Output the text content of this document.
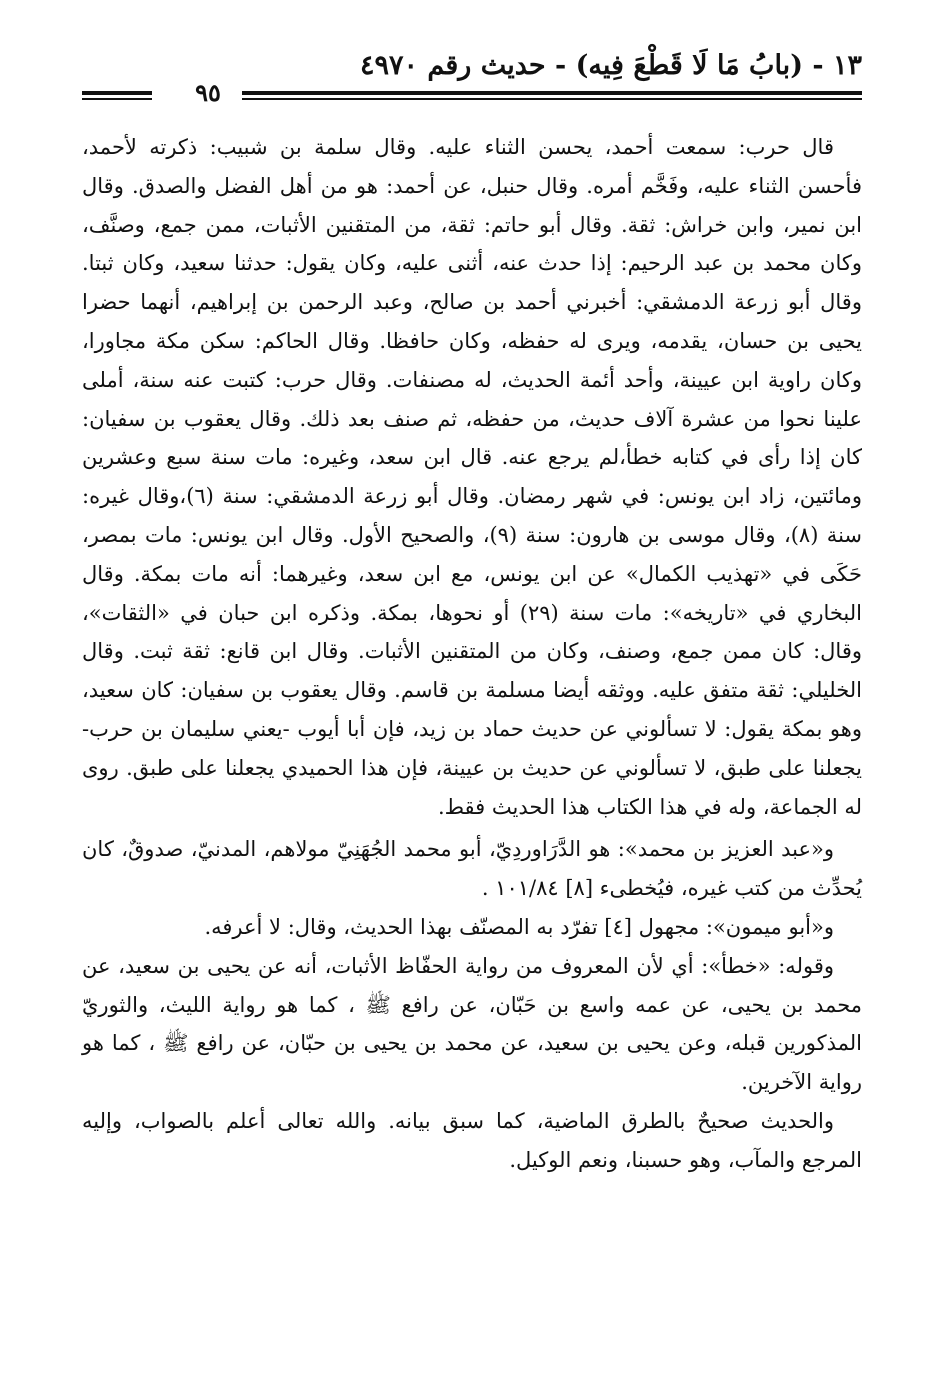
١٣ - (بابُ مَا لَا قَطْعَ فِيه) - حديث رقم ٤٩٧٠
٩٥

قال حرب: سمعت أحمد، يحسن الثناء عليه. وقال سلمة بن شبيب: ذكرته لأحمد، فأحسن الثناء عليه، وفَخَّم أمره. وقال حنبل، عن أحمد: هو من أهل الفضل والصدق. وقال ابن نمير، وابن خراش: ثقة. وقال أبو حاتم: ثقة، من المتقنين الأثبات، ممن جمع، وصنَّف، وكان محمد بن عبد الرحيم: إذا حدث عنه، أثنى عليه، وكان يقول: حدثنا سعيد، وكان ثبتا. وقال أبو زرعة الدمشقي: أخبرني أحمد بن صالح، وعبد الرحمن بن إبراهيم، أنهما حضرا يحيى بن حسان، يقدمه، ويرى له حفظه، وكان حافظا. وقال الحاكم: سكن مكة مجاورا، وكان راوية ابن عيينة، وأحد أئمة الحديث، له مصنفات. وقال حرب: كتبت عنه سنة، أملى علينا نحوا من عشرة آلاف حديث، من حفظه، ثم صنف بعد ذلك. وقال يعقوب بن سفيان: كان إذا رأى في كتابه خطأ،لم يرجع عنه. قال ابن سعد، وغيره: مات سنة سبع وعشرين ومائتين، زاد ابن يونس: في شهر رمضان. وقال أبو زرعة الدمشقي: سنة (٦)،وقال غيره: سنة (٨)، وقال موسى بن هارون: سنة (٩)، والصحيح الأول. وقال ابن يونس: مات بمصر، حَكَى في «تهذيب الكمال» عن ابن يونس، مع ابن سعد، وغيرهما: أنه مات بمكة. وقال البخاري في «تاريخه»: مات سنة (٢٩) أو نحوها، بمكة. وذكره ابن حبان في «الثقات»، وقال: كان ممن جمع، وصنف، وكان من المتقنين الأثبات. وقال ابن قانع: ثقة ثبت. وقال الخليلي: ثقة متفق عليه. ووثقه أيضا مسلمة بن قاسم. وقال يعقوب بن سفيان: كان سعيد، وهو بمكة يقول: لا تسألوني عن حديث حماد بن زيد، فإن أبا أيوب -يعني سليمان بن حرب- يجعلنا على طبق، لا تسألوني عن حديث بن عيينة، فإن هذا الحميدي يجعلنا على طبق. روى له الجماعة، وله في هذا الكتاب هذا الحديث فقط.

و«عبد العزيز بن محمد»: هو الدَّرَاوردِيّ، أبو محمد الجُهَنِيّ مولاهم، المدنيّ، صدوقٌ، كان يُحدِّث من كتب غيره، فيُخطىء [٨] ١٠١/٨٤ .

و«أبو ميمون»: مجهول [٤] تفرّد به المصنّف بهذا الحديث، وقال: لا أعرفه.

وقوله: «خطأ»: أي لأن المعروف من رواية الحفّاظ الأثبات، أنه عن يحيى بن سعيد، عن محمد بن يحيى، عن عمه واسع بن حَبّان، عن رافع ﷺ ، كما هو رواية الليث، والثوريّ المذكورين قبله، وعن يحيى بن سعيد، عن محمد بن يحيى بن حبّان، عن رافع ﷺ ، كما هو رواية الآخرين.

والحديث صحيحٌ بالطرق الماضية، كما سبق بيانه. والله تعالى أعلم بالصواب، وإليه المرجع والمآب، وهو حسبنا، ونعم الوكيل.
